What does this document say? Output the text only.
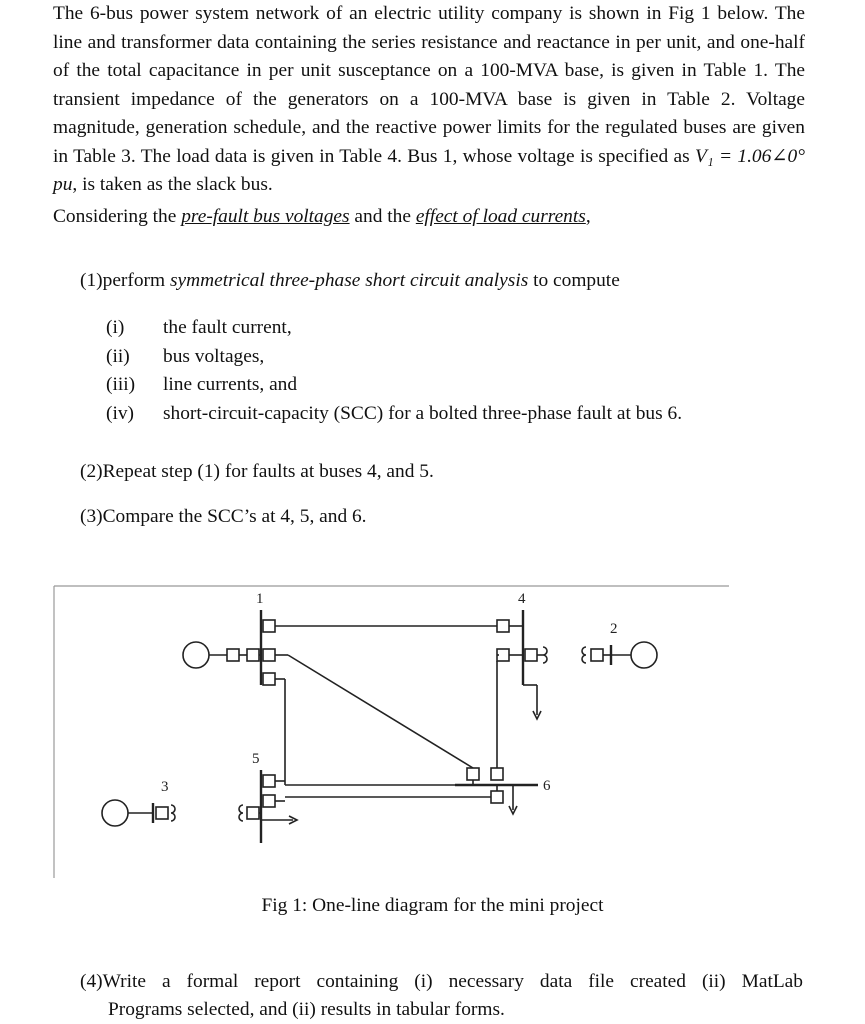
The 6-bus power system network of an electric utility company is shown in Fig 1 below. The line and transformer data containing the series resistance and reactance in per unit, and one-half of the total capacitance in per unit susceptance on a 100-MVA base, is given in Table 1. The transient impedance of the generators on a 100-MVA base is given in Table 2. Voltage magnitude, generation schedule, and the reactive power limits for the regulated buses are given in Table 3. The load data is given in Table 4. Bus 1, whose voltage is specified as V₁ = 1.06∠0° pu, is taken as the slack bus.

Considering the pre-fault bus voltages and the effect of load currents,

(1)perform symmetrical three-phase short circuit analysis to compute

(i)	the fault current,
(ii)	bus voltages,
(iii)	line currents, and
(iv)	short-circuit-capacity (SCC) for a bolted three-phase fault at bus 6.

(2)Repeat step (1) for faults at buses 4, and 5.

(3)Compare the SCC’s at 4, 5, and 6.

1	4
2
5
3	6

Fig 1: One-line diagram for the mini project

(4)Write a formal report containing (i) necessary data file created (ii) MatLab
Programs selected, and (ii) results in tabular forms.
